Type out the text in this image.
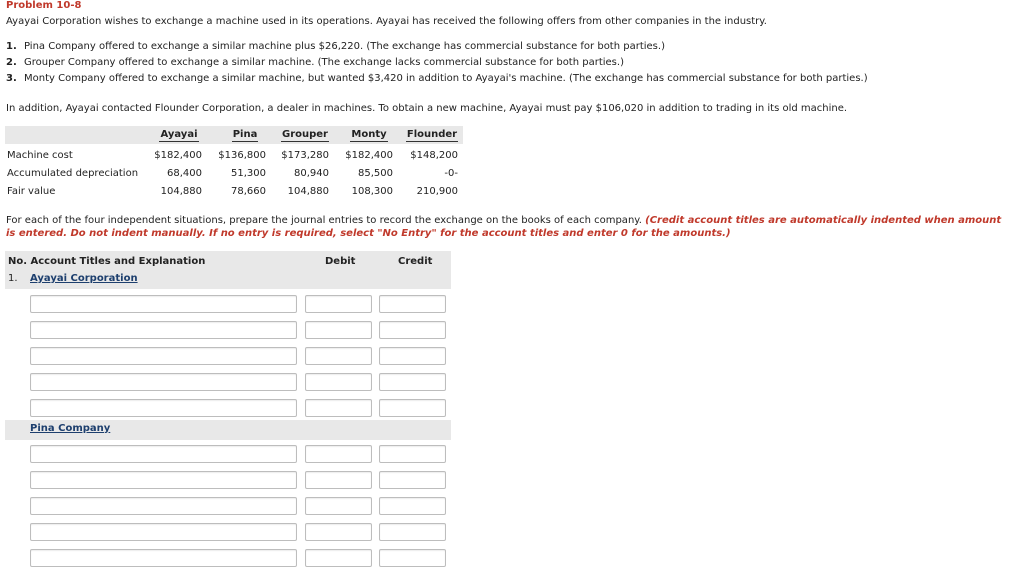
Problem 10-8
Ayayai Corporation wishes to exchange a machine used in its operations. Ayayai has received the following offers from other companies in the industry.
1. Pina Company offered to exchange a similar machine plus $26,220. (The exchange has commercial substance for both parties.)
2. Grouper Company offered to exchange a similar machine. (The exchange lacks commercial substance for both parties.)
3. Monty Company offered to exchange a similar machine, but wanted $3,420 in addition to Ayayai's machine. (The exchange has commercial substance for both parties.)
In addition, Ayayai contacted Flounder Corporation, a dealer in machines. To obtain a new machine, Ayayai must pay $106,020 in addition to trading in its old machine.
Ayayai	Pina	Grouper	Monty	Flounder
Machine cost	$182,400	$136,800	$173,280	$182,400	$148,200
Accumulated depreciation	68,400	51,300	80,940	85,500	-0-
Fair value	104,880	78,660	104,880	108,300	210,900
For each of the four independent situations, prepare the journal entries to record the exchange on the books of each company. (Credit account titles are automatically indented when amount is entered. Do not indent manually. If no entry is required, select "No Entry" for the account titles and enter 0 for the amounts.)
No. Account Titles and Explanation	Debit	Credit
1. Ayayai Corporation
Pina Company
